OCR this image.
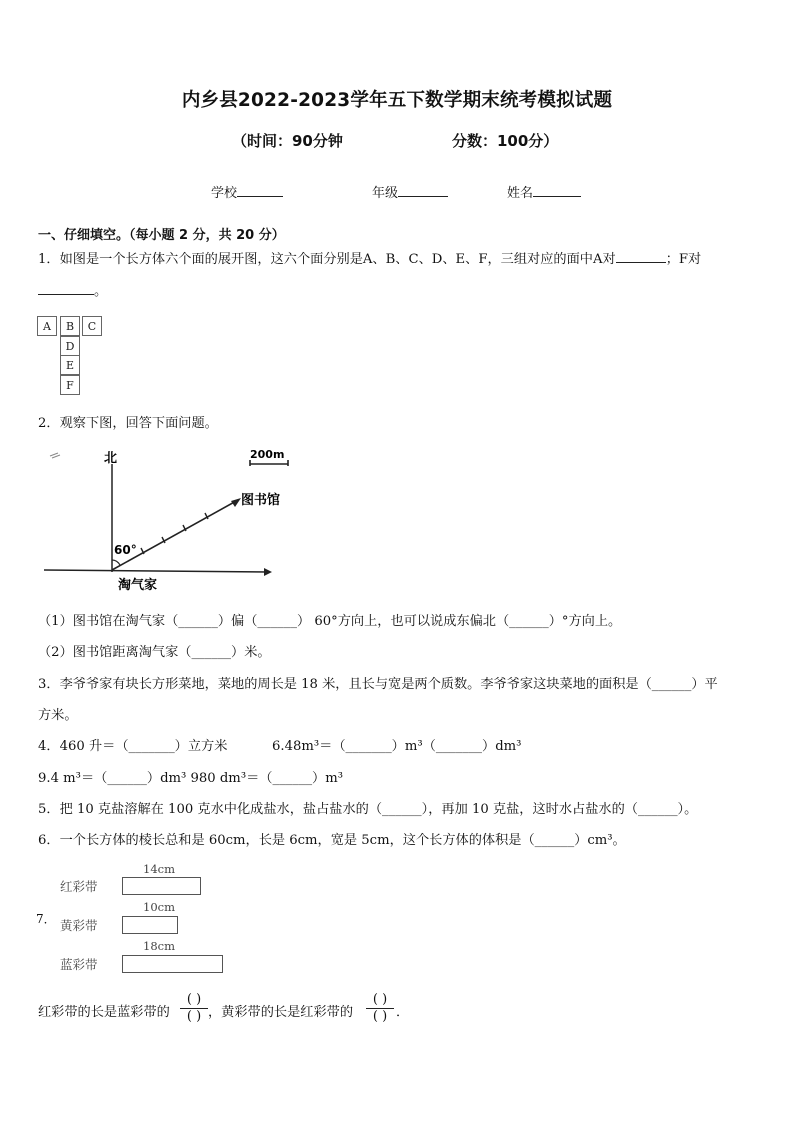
内乡县2022-2023学年五下数学期末统考模拟试题
（时间：90分钟	分数：100分）
学校	年级	姓名
一、仔细填空。（每小题 2 分，共 20 分）
1．如图是一个长方体六个面的展开图，这六个面分别是A、B、C、D、E、F，三组对应的面中A对	；F对
。
A	B	C
D
E
F
2．观察下图，回答下面问题。
北	200m
图书馆
60°
淘气家
（1）图书馆在淘气家（______）偏（______） 60°方向上，也可以说成东偏北（______）°方向上。
（2）图书馆距离淘气家（______）米。
3．李爷爷家有块长方形菜地，菜地的周长是 18 米，且长与宽是两个质数。李爷爷家这块菜地的面积是（______）平
方米。
4．460 升＝（_______）立方米	6.48m³＝（_______）m³（_______）dm³
9.4 m³＝（______）dm³ 980 dm³＝（______）m³
5．把 10 克盐溶解在 100 克水中化成盐水，盐占盐水的（______），再加 10 克盐，这时水占盐水的（______）。
6．一个长方体的棱长总和是 60cm，长是 6cm，宽是 5cm，这个长方体的体积是（______）cm³。
7．
14cm
红彩带
10cm
黄彩带
18cm
蓝彩带
红彩带的长是蓝彩带的
( )
( ) ，黄彩带的长是红彩带的
( )
( ) ．
